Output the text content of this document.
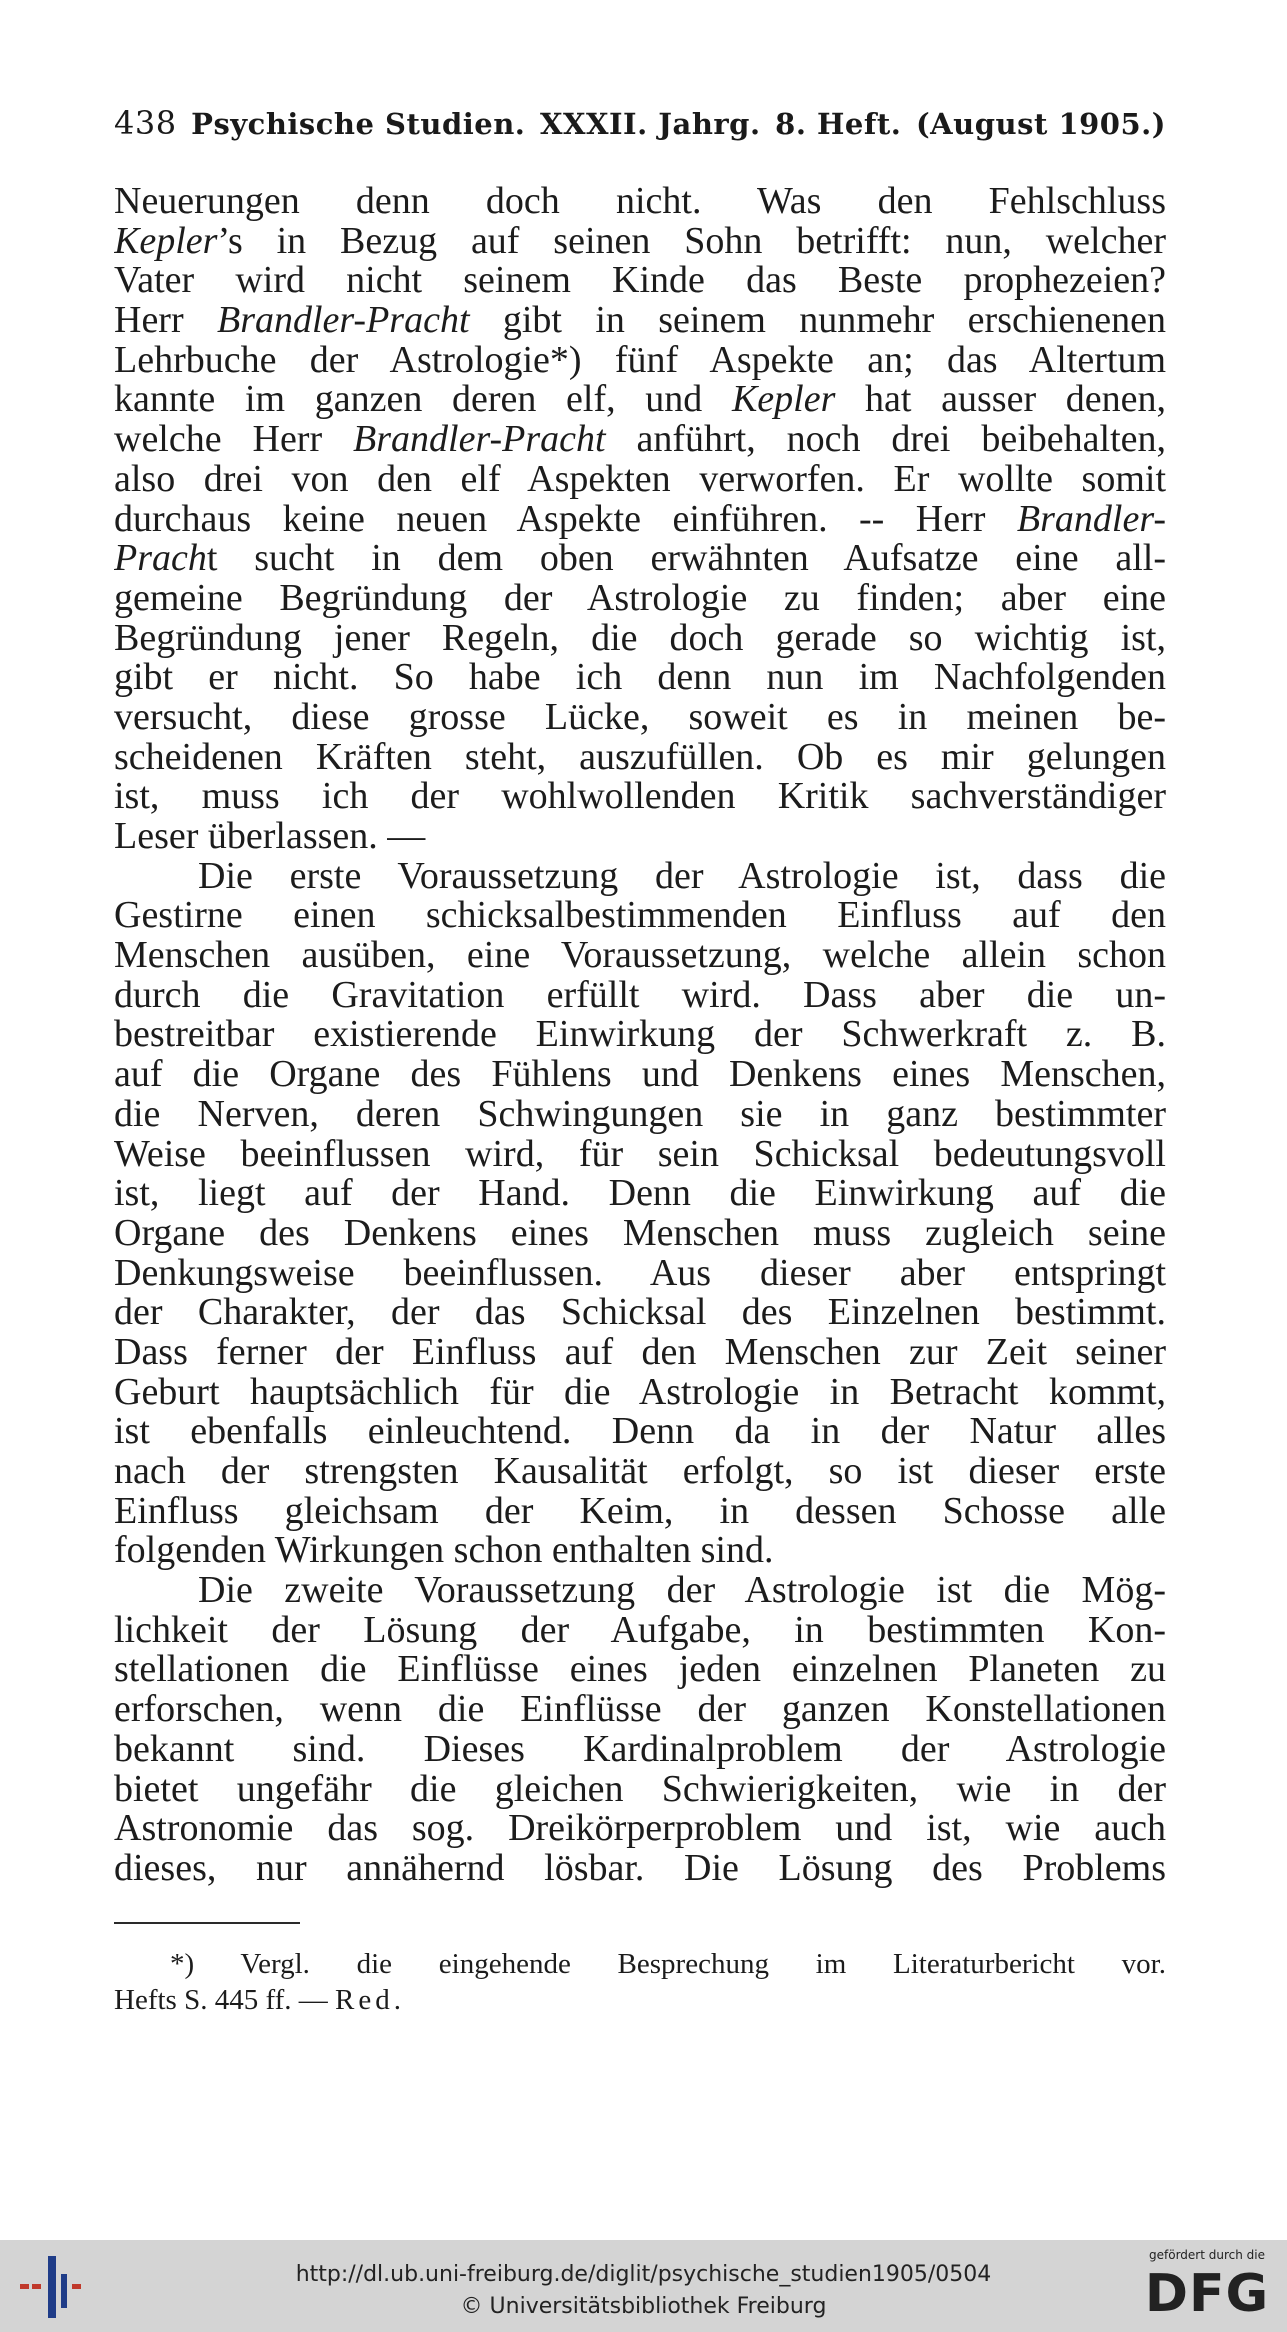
438 Psychische Studien. XXXII. Jahrg. 8. Heft. (August 1905.)
Neuerungen denn doch nicht. Was den Fehlschluss
Kepler’s in Bezug auf seinen Sohn betrifft: nun, welcher
Vater wird nicht seinem Kinde das Beste prophezeien?
Herr Brandler-Pracht gibt in seinem nunmehr erschienenen
Lehrbuche der Astrologie*) fünf Aspekte an; das Altertum
kannte im ganzen deren elf, und Kepler hat ausser denen,
welche Herr Brandler-Pracht anführt, noch drei beibehalten,
also drei von den elf Aspekten verworfen. Er wollte somit
durchaus keine neuen Aspekte einführen. -- Herr Brandler-
Pracht sucht in dem oben erwähnten Aufsatze eine all-
gemeine Begründung der Astrologie zu finden; aber eine
Begründung jener Regeln, die doch gerade so wichtig ist,
gibt er nicht. So habe ich denn nun im Nachfolgenden
versucht, diese grosse Lücke, soweit es in meinen be-
scheidenen Kräften steht, auszufüllen. Ob es mir gelungen
ist, muss ich der wohlwollenden Kritik sachverständiger
Leser überlassen. —
Die erste Voraussetzung der Astrologie ist, dass die
Gestirne einen schicksalbestimmenden Einfluss auf den
Menschen ausüben, eine Voraussetzung, welche allein schon
durch die Gravitation erfüllt wird. Dass aber die un-
bestreitbar existierende Einwirkung der Schwerkraft z. B.
auf die Organe des Fühlens und Denkens eines Menschen,
die Nerven, deren Schwingungen sie in ganz bestimmter
Weise beeinflussen wird, für sein Schicksal bedeutungsvoll
ist, liegt auf der Hand. Denn die Einwirkung auf die
Organe des Denkens eines Menschen muss zugleich seine
Denkungsweise beeinflussen. Aus dieser aber entspringt
der Charakter, der das Schicksal des Einzelnen bestimmt.
Dass ferner der Einfluss auf den Menschen zur Zeit seiner
Geburt hauptsächlich für die Astrologie in Betracht kommt,
ist ebenfalls einleuchtend. Denn da in der Natur alles
nach der strengsten Kausalität erfolgt, so ist dieser erste
Einfluss gleichsam der Keim, in dessen Schosse alle
folgenden Wirkungen schon enthalten sind.
Die zweite Voraussetzung der Astrologie ist die Mög-
lichkeit der Lösung der Aufgabe, in bestimmten Kon-
stellationen die Einflüsse eines jeden einzelnen Planeten zu
erforschen, wenn die Einflüsse der ganzen Konstellationen
bekannt sind. Dieses Kardinalproblem der Astrologie
bietet ungefähr die gleichen Schwierigkeiten, wie in der
Astronomie das sog. Dreikörperproblem und ist, wie auch
dieses, nur annähernd lösbar. Die Lösung des Problems
*) Vergl. die eingehende Besprechung im Literaturbericht vor.
Hefts S. 445 ff. — Red.
http://dl.ub.uni-freiburg.de/diglit/psychische_studien1905/0504
© Universitätsbibliothek Freiburg
gefördert durch die
DFG
